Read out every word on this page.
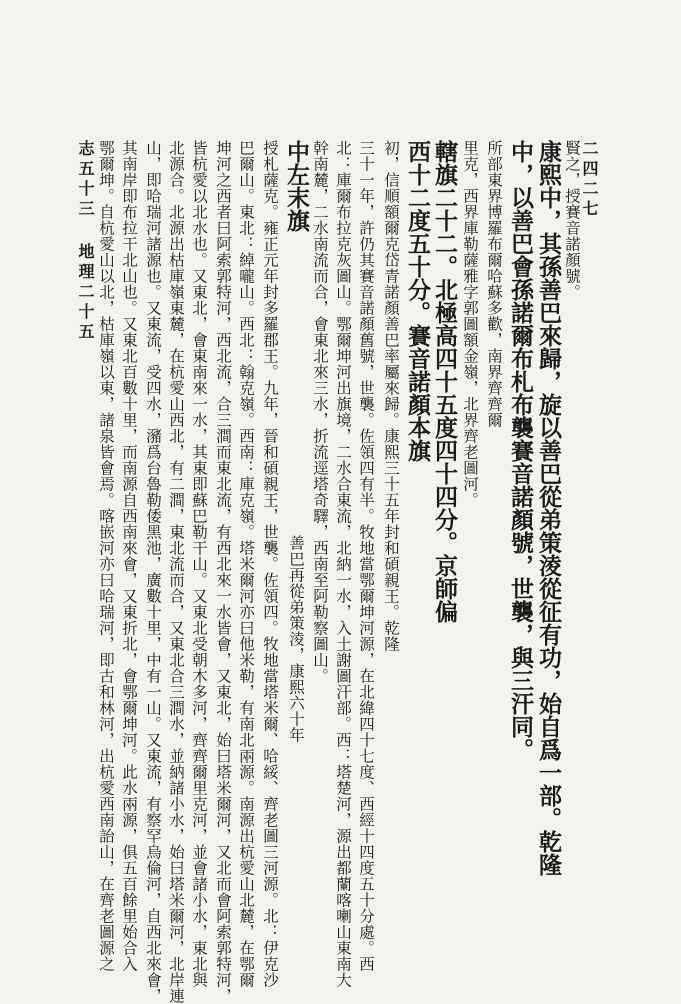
賢之，授賽音諾顏號。
康熙中，其孫善巴來歸，旋以善巴從弟策淩從征有功，始自爲一部。乾隆
中，以善巴會孫諾爾布札布襲賽音諾顏號，世襲，與三汗同。
所部東界博羅布爾哈蘇多歡，南界齊齊爾
里克，西界庫勒薩雅字郭圖額金嶺，北界齊老圖河。
轄旗二十二。北極高四十五度四十四分。京師偏
西十二度五十分。賽音諾顏本旗
初，信順額爾克岱青諾顏善巴率屬來歸。康熙三十五年封和碩親王。乾隆
三十一年，許仍其賽音諾顏舊號，世襲。佐領四有半。牧地當鄂爾坤河源，在北緯四十七度、西經十四度五十分處。西
北：庫爾布拉克灰圖山。鄂爾坤河出旗境，二水合東流，北納一水，入土謝圖汗部。西：塔楚河，源出都蘭喀喇山東南大
幹南麓，二水南流而合，會東北來三水，折流逕塔奇驛，西南至阿勒察圖山。
中左末旗
善巴再從弟策淩，康熙六十年
授札薩克。雍正元年封多羅郡王。九年，晉和碩親王，世襲。佐領四。牧地當塔米爾、哈綏、齊老圖三河源。北：伊克沙
巴爾山。東北：綽嚨山。西北：翰克嶺。西南：庫克嶺。塔米爾河亦曰他米勒，有南北兩源。南源出杭愛山北麓，在鄂爾
坤河之西者曰阿索郭特河，西北流，合三澗而東北流，有西北來一水皆會，又東北，始曰塔米爾河，又北而會阿索郭特河，
皆杭愛以北水也。又東北，會東南來一水，其東即蘇巴勒干山。又東北受朝木多河，齊齊爾里克河，並會諸小水，東北與
北源合。北源出枯庫嶺東麓，在杭愛山西北，有二澗，東北流而合，又東北合三澗水，並納諸小水，始曰塔米爾河，北岸連
山，即哈瑞河諸源也。又東流，受四水，瀦爲台魯勒倭黑池，廣數十里，中有一山。又東流，有察罕烏倫河，自西北來會，
其南岸即布拉干北山也。又東北百數十里，而南源自西南來會，又東折北，會鄂爾坤河。此水兩源，俱五百餘里始合入
鄂爾坤。自杭愛山以北，枯庫嶺以東，諸泉皆會焉。喀嵌河亦曰哈瑞河，即古和林河，出杭愛西南詒山，在齊老圖源之
志五十三 地理二十五	二四二七
